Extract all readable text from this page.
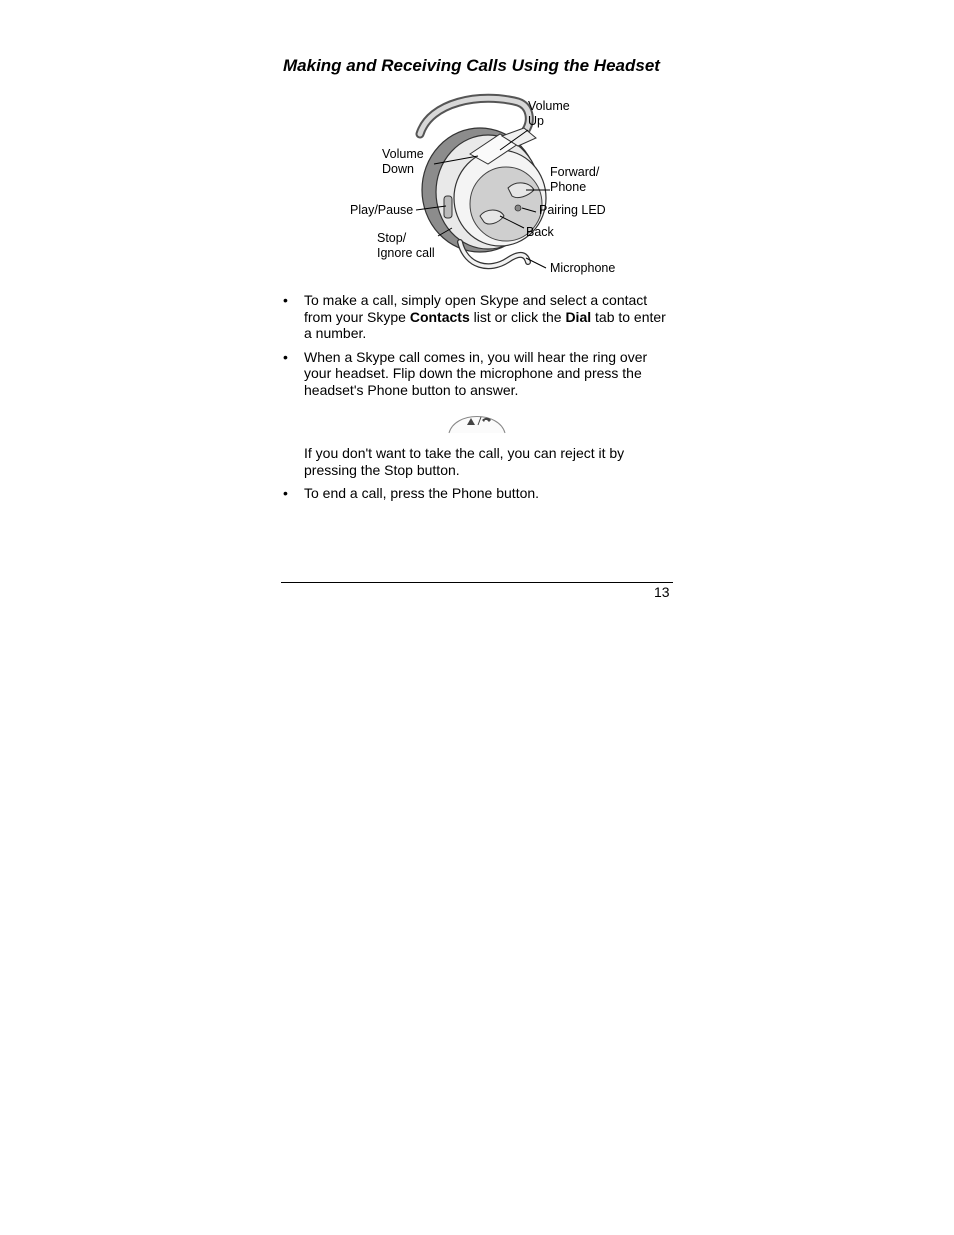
Making and Receiving Calls Using the Headset
Volume
Up
Volume
Down	Forward/
Phone
Play/Pause	Pairing LED
Back
Stop/
Ignore call
Microphone
• To make a call, simply open Skype and select a contact from your Skype Contacts list or click the Dial tab to enter a number.
• When a Skype call comes in, you will hear the ring over your headset. Flip down the microphone and press the headset's Phone button to answer.
If you don't want to take the call, you can reject it by pressing the Stop button.
• To end a call, press the Phone button.
13
